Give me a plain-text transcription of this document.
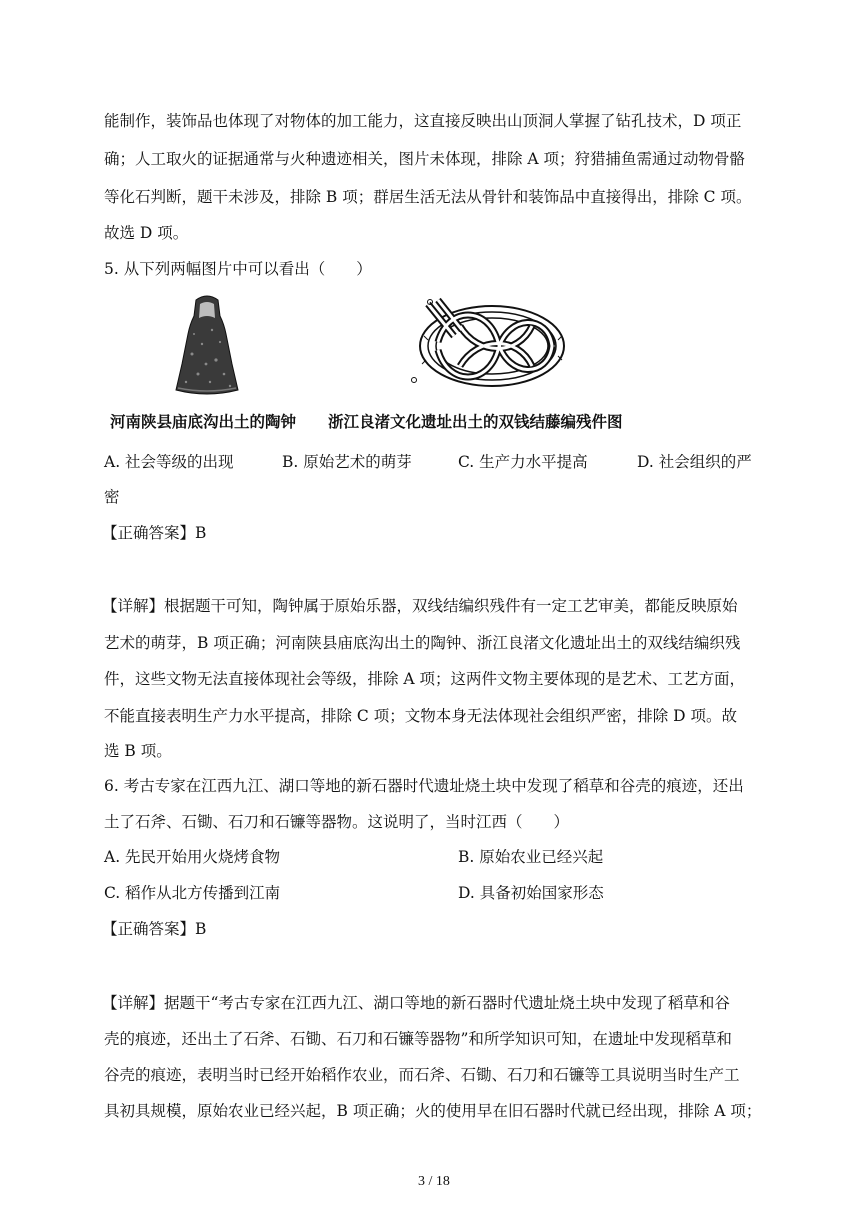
能制作，装饰品也体现了对物体的加工能力，这直接反映出山顶洞人掌握了钻孔技术，D 项正
确；人工取火的证据通常与火种遗迹相关，图片未体现，排除 A 项；狩猎捕鱼需通过动物骨骼
等化石判断，题干未涉及，排除 B 项；群居生活无法从骨针和装饰品中直接得出，排除 C 项。
故选 D 项。
5. 从下列两幅图片中可以看出（　　）
河南陕县庙底沟出土的陶钟 浙江良渚文化遗址出土的双钱结藤编残件图
A. 社会等级的出现	B. 原始艺术的萌芽	C. 生产力水平提高	D. 社会组织的严
密
【正确答案】B
【详解】根据题干可知，陶钟属于原始乐器，双线结编织残件有一定工艺审美，都能反映原始
艺术的萌芽，B 项正确；河南陕县庙底沟出土的陶钟、浙江良渚文化遗址出土的双线结编织残
件，这些文物无法直接体现社会等级，排除 A 项；这两件文物主要体现的是艺术、工艺方面，
不能直接表明生产力水平提高，排除 C 项；文物本身无法体现社会组织严密，排除 D 项。故
选 B 项。
6. 考古专家在江西九江、湖口等地的新石器时代遗址烧土块中发现了稻草和谷壳的痕迹，还出
土了石斧、石锄、石刀和石镰等器物。这说明了，当时江西（　　）
A. 先民开始用火烧烤食物	B. 原始农业已经兴起
C. 稻作从北方传播到江南	D. 具备初始国家形态
【正确答案】B
【详解】据题干“考古专家在江西九江、湖口等地的新石器时代遗址烧土块中发现了稻草和谷
壳的痕迹，还出土了石斧、石锄、石刀和石镰等器物”和所学知识可知，在遗址中发现稻草和
谷壳的痕迹，表明当时已经开始稻作农业，而石斧、石锄、石刀和石镰等工具说明当时生产工
具初具规模，原始农业已经兴起，B 项正确；火的使用早在旧石器时代就已经出现，排除 A 项；
3 / 18
